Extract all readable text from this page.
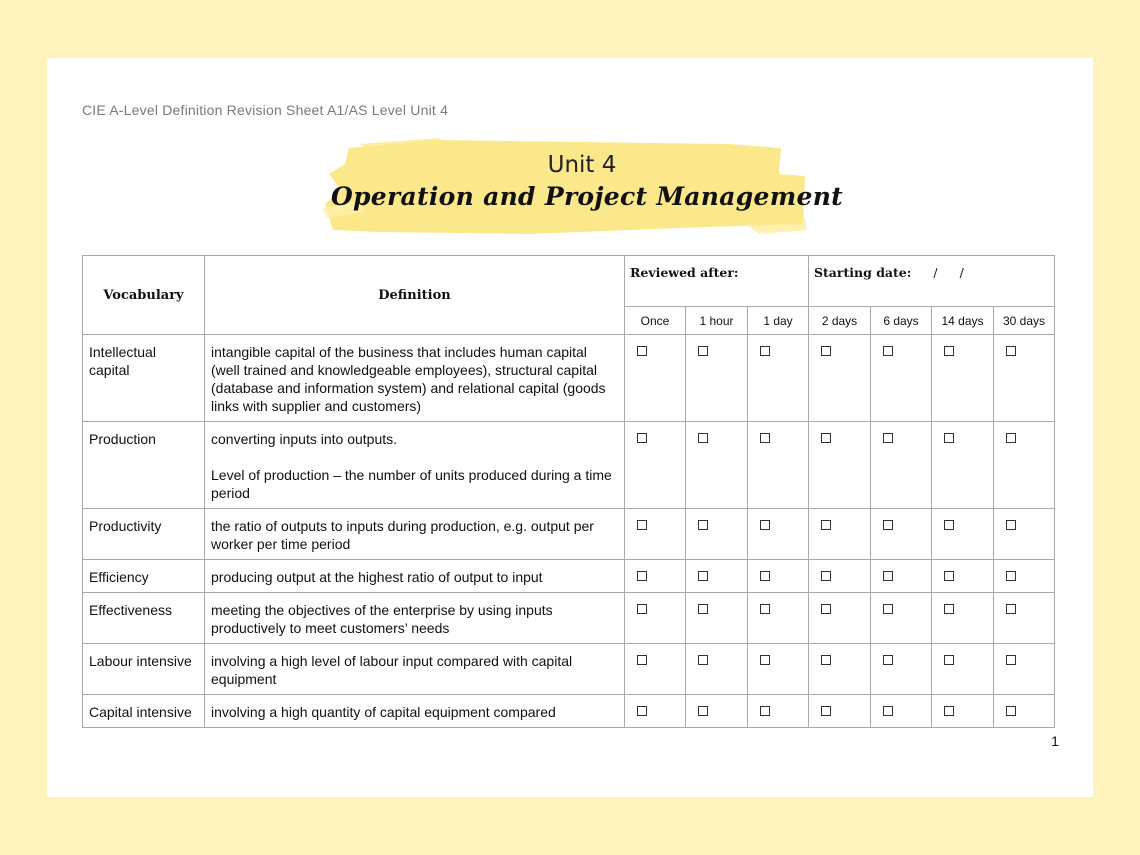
CIE A-Level Definition Revision Sheet A1/AS Level Unit 4
Unit 4
Operation and Project Management
Vocabulary	Definition	Reviewed after:			Starting date: / /			
		Once	1 hour	1 day	2 days	6 days	14 days	30 days
Intellectual capital	intangible capital of the business that includes human capital (well trained and knowledgeable employees), structural capital (database and information system) and relational capital (goods links with supplier and customers)							

Production	converting inputs into outputs.
Level of production – the number of units produced during a time period							

Productivity	the ratio of outputs to inputs during production, e.g. output per worker per time period							

Efficiency	producing output at the highest ratio of output to input							

Effectiveness	meeting the objectives of the enterprise by using inputs productively to meet customers’ needs							

Labour intensive	involving a high level of labour input compared with capital equipment							

Capital intensive	involving a high quantity of capital equipment compared							

1
